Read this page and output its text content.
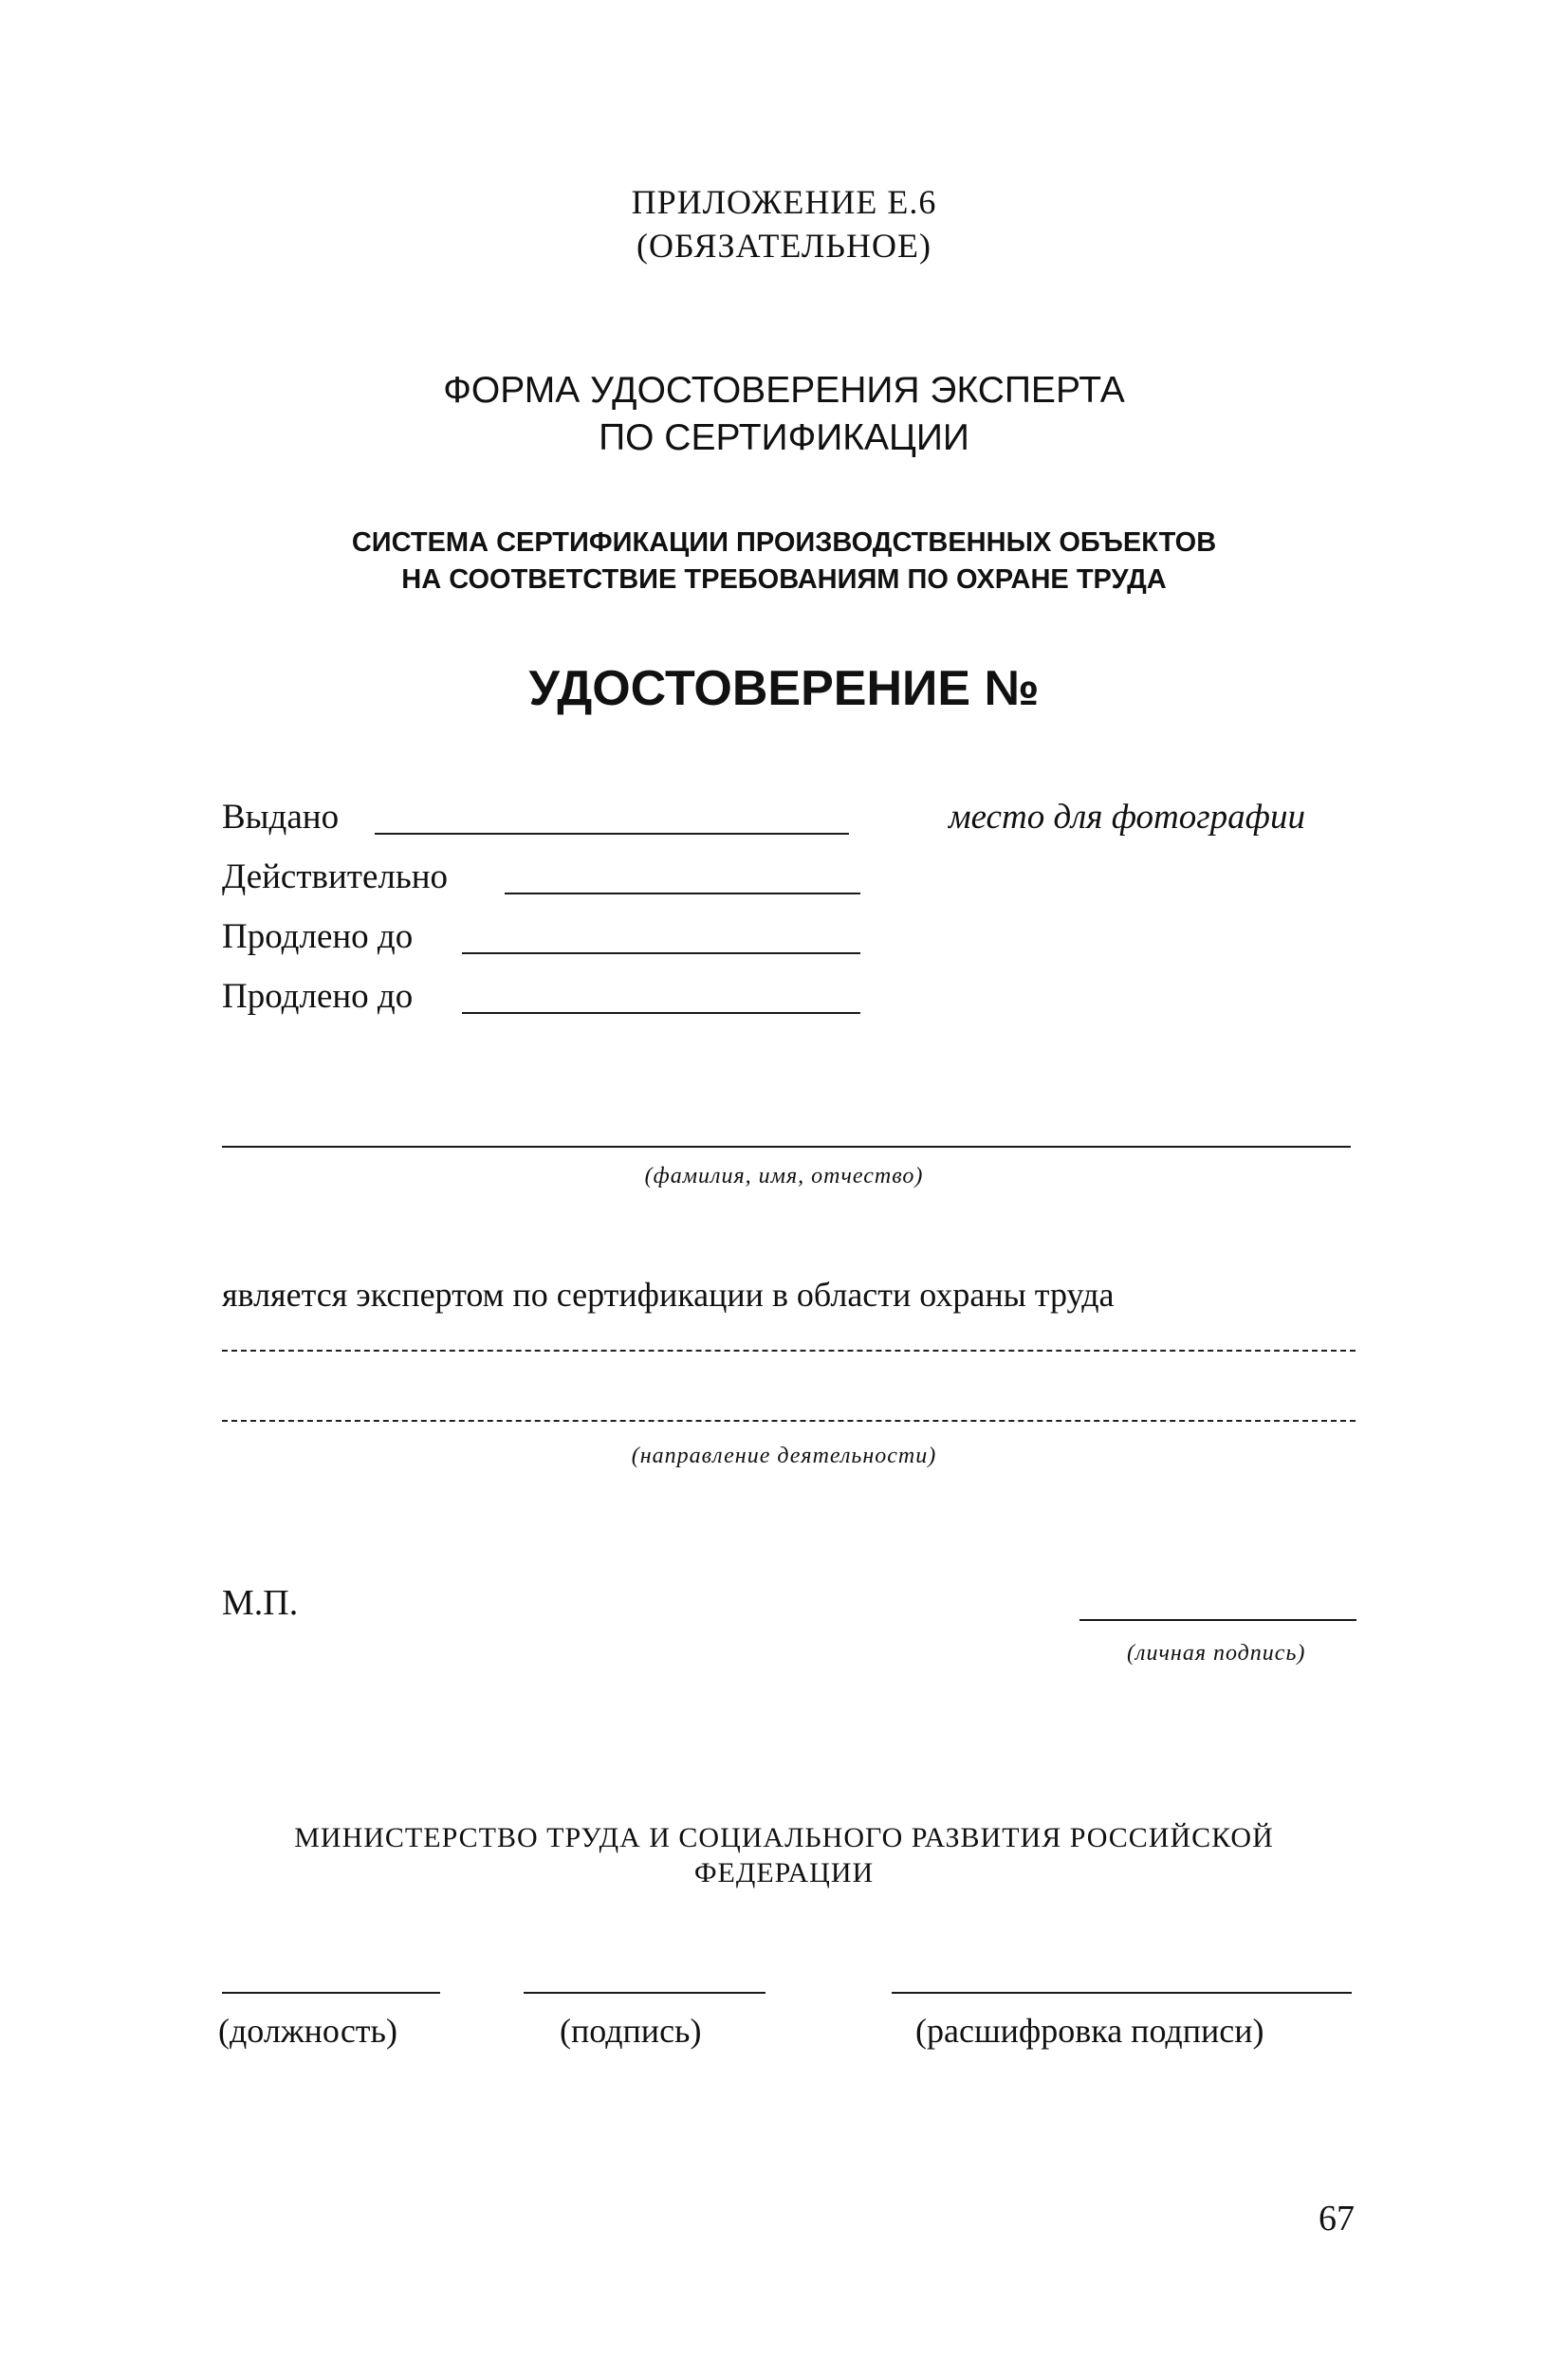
ПРИЛОЖЕНИЕ Е.6
(ОБЯЗАТЕЛЬНОЕ)
ФОРМА УДОСТОВЕРЕНИЯ ЭКСПЕРТА
ПО СЕРТИФИКАЦИИ
СИСТЕМА СЕРТИФИКАЦИИ ПРОИЗВОДСТВЕННЫХ ОБЪЕКТОВ
НА СООТВЕТСТВИЕ ТРЕБОВАНИЯМ ПО ОХРАНЕ ТРУДА
УДОСТОВЕРЕНИЕ №
Выдано
Действительно
Продлено до
Продлено до
место для фотографии
(фамилия, имя, отчество)
является экспертом по сертификации в области охраны труда
(направление деятельности)
М.П.
(личная подпись)
МИНИСТЕРСТВО ТРУДА И СОЦИАЛЬНОГО РАЗВИТИЯ РОССИЙСКОЙ
ФЕДЕРАЦИИ
(должность)	(подпись)	(расшифровка подписи)
67
